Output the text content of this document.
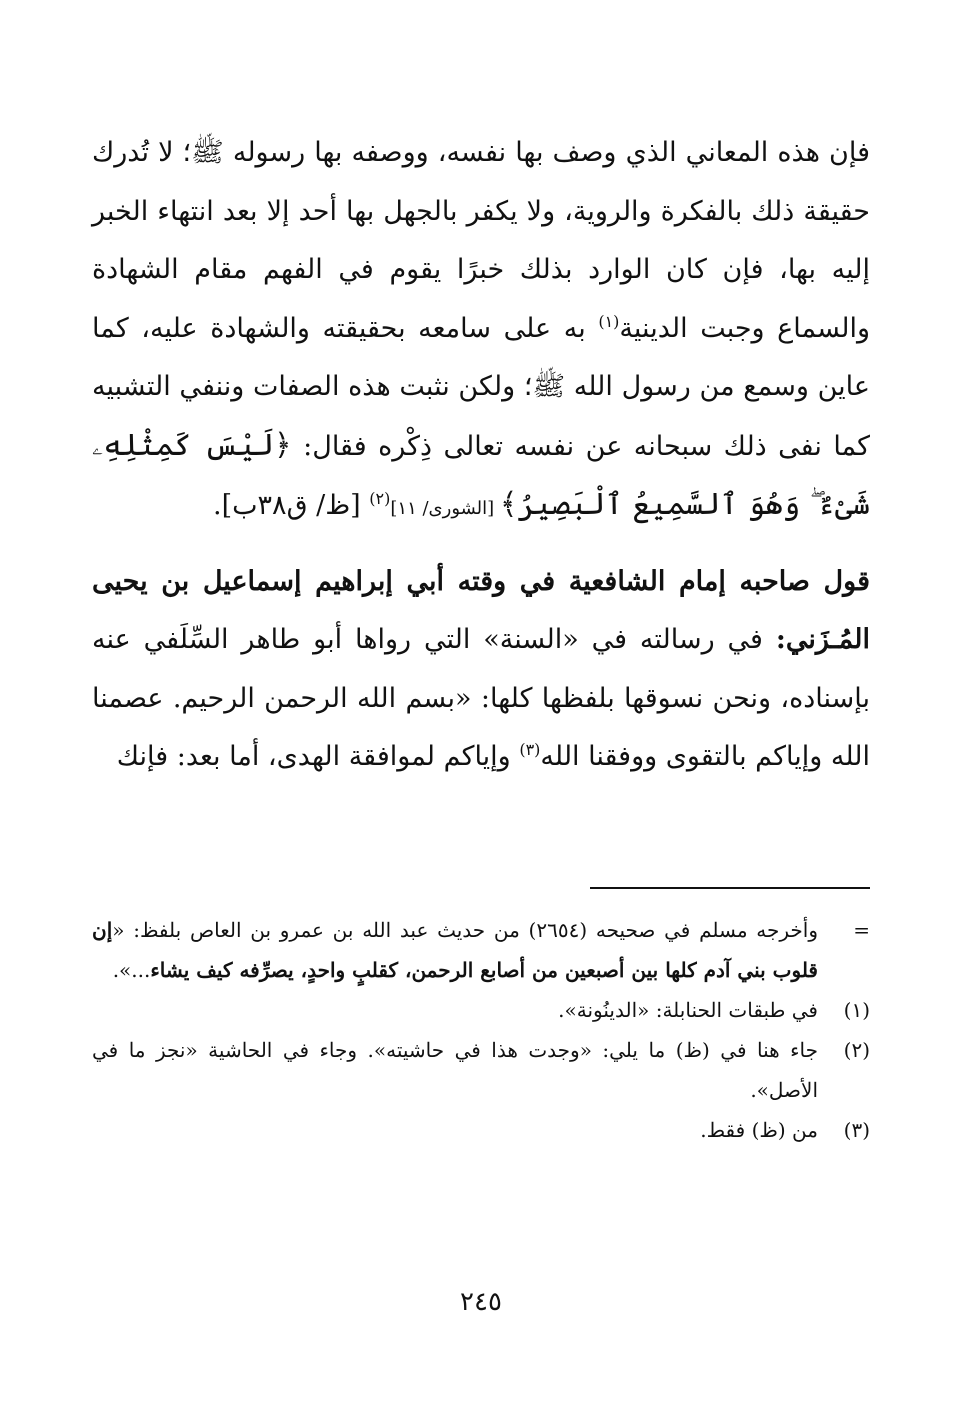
فإن هذه المعاني الذي وصف بها نفسه، ووصفه بها رسوله ﷺ؛ لا تُدرك حقيقة ذلك بالفكرة والروية، ولا يكفر بالجهل بها أحد إلا بعد انتهاء الخبر إليه بها، فإن كان الوارد بذلك خبرًا يقوم في الفهم مقام الشهادة والسماع وجبت الدينية$^{(١)}$ به على سامعه بحقيقته والشهادة عليه، كما عاين وسمع من رسول الله ﷺ؛ ولكن نثبت هذه الصفات وننفي التشبيه كما نفى ذلك سبحانه عن نفسه تعالى ذِكْره فقال: ﴿لَيْسَ كَمِثْلِهِۦ شَىْءٌ ۖ وَهُوَ ٱلسَّمِيعُ ٱلْبَصِيرُ﴾ [الشورى/ ١١]$^{(٢)}$ [ظ/ ق٣٨ب].

قول صاحبه إمام الشافعية في وقته أبي إبراهيم إسماعيل بن يحيى المُـزَني: في رسالته في «السنة» التي رواها أبو طاهر السِّلَفي عنه بإسناده، ونحن نسوقها بلفظها كلها: «بسم الله الرحمن الرحيم. عصمنا الله وإياكم بالتقوى ووفقنا الله$^{(٣)}$ وإياكم لموافقة الهدى، أما بعد: فإنك

=
وأخرجه مسلم في صحيحه (٢٦٥٤) من حديث عبد الله بن عمرو بن العاص بلفظ: «إن قلوب بني آدم كلها بين أصبعين من أصابع الرحمن، كقلبٍ واحدٍ، يصرِّفه كيف يشاء...».
(١)
في طبقات الحنابلة: «الدينُونة».
(٢)
جاء هنا في (ظ) ما يلي: «وجدت هذا في حاشيته». وجاء في الحاشية «نجز ما في الأصل».
(٣)
من (ظ) فقط.
٢٤٥
